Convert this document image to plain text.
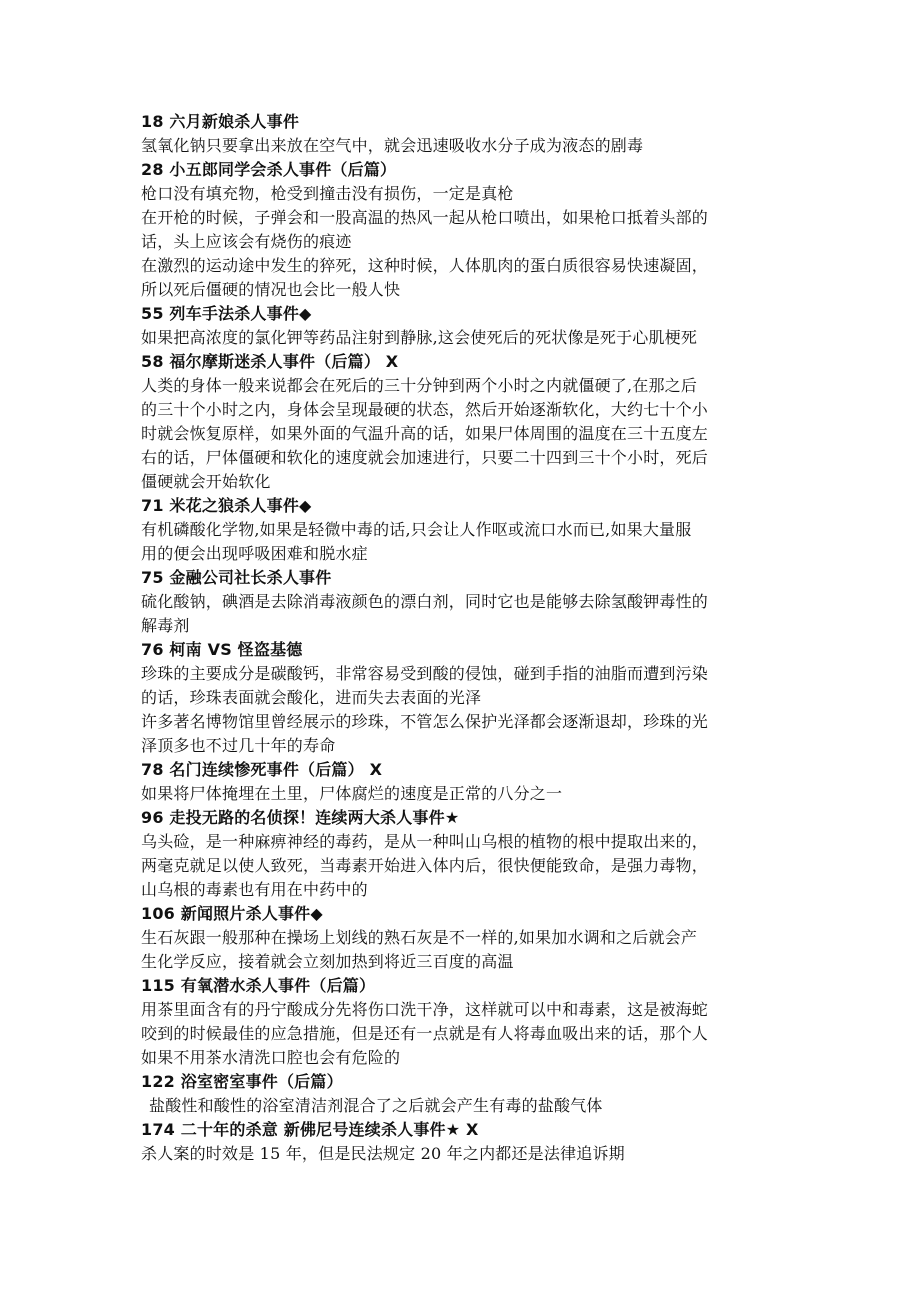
18 六月新娘杀人事件

氢氧化钠只要拿出来放在空气中，就会迅速吸收水分子成为液态的剧毒

28 小五郎同学会杀人事件（后篇）

枪口没有填充物，枪受到撞击没有损伤，一定是真枪

在开枪的时候，子弹会和一股高温的热风一起从枪口喷出，如果枪口抵着头部的

话，头上应该会有烧伤的痕迹

在激烈的运动途中发生的猝死，这种时候，人体肌肉的蛋白质很容易快速凝固，

所以死后僵硬的情况也会比一般人快

55 列车手法杀人事件◆

如果把高浓度的氯化钾等药品注射到静脉,这会使死后的死状像是死于心肌梗死

58 福尔摩斯迷杀人事件（后篇） X

人类的身体一般来说都会在死后的三十分钟到两个小时之内就僵硬了,在那之后

的三十个小时之内，身体会呈现最硬的状态，然后开始逐渐软化，大约七十个小

时就会恢复原样，如果外面的气温升高的话，如果尸体周围的温度在三十五度左

右的话，尸体僵硬和软化的速度就会加速进行，只要二十四到三十个小时，死后

僵硬就会开始软化

71 米花之狼杀人事件◆

有机磷酸化学物,如果是轻微中毒的话,只会让人作呕或流口水而已,如果大量服

用的便会出现呼吸困难和脱水症

75 金融公司社长杀人事件

硫化酸钠，碘酒是去除消毒液颜色的漂白剂，同时它也是能够去除氢酸钾毒性的

解毒剂

76 柯南 VS 怪盗基德

珍珠的主要成分是碳酸钙，非常容易受到酸的侵蚀，碰到手指的油脂而遭到污染

的话，珍珠表面就会酸化，进而失去表面的光泽

许多著名博物馆里曾经展示的珍珠，不管怎么保护光泽都会逐渐退却，珍珠的光

泽顶多也不过几十年的寿命

78 名门连续惨死事件（后篇） X

如果将尸体掩埋在土里，尸体腐烂的速度是正常的八分之一

96 走投无路的名侦探！连续两大杀人事件★

乌头硷，是一种麻痹神经的毒药，是从一种叫山乌根的植物的根中提取出来的，

两毫克就足以使人致死，当毒素开始进入体内后，很快便能致命，是强力毒物，

山乌根的毒素也有用在中药中的

106 新闻照片杀人事件◆

生石灰跟一般那种在操场上划线的熟石灰是不一样的,如果加水调和之后就会产

生化学反应，接着就会立刻加热到将近三百度的高温

115 有氧潜水杀人事件（后篇）

用茶里面含有的丹宁酸成分先将伤口洗干净，这样就可以中和毒素，这是被海蛇

咬到的时候最佳的应急措施，但是还有一点就是有人将毒血吸出来的话，那个人

如果不用茶水清洗口腔也会有危险的

122 浴室密室事件（后篇）

盐酸性和酸性的浴室清洁剂混合了之后就会产生有毒的盐酸气体

174 二十年的杀意 新佛尼号连续杀人事件★ X

杀人案的时效是 15 年，但是民法规定 20 年之内都还是法律追诉期
